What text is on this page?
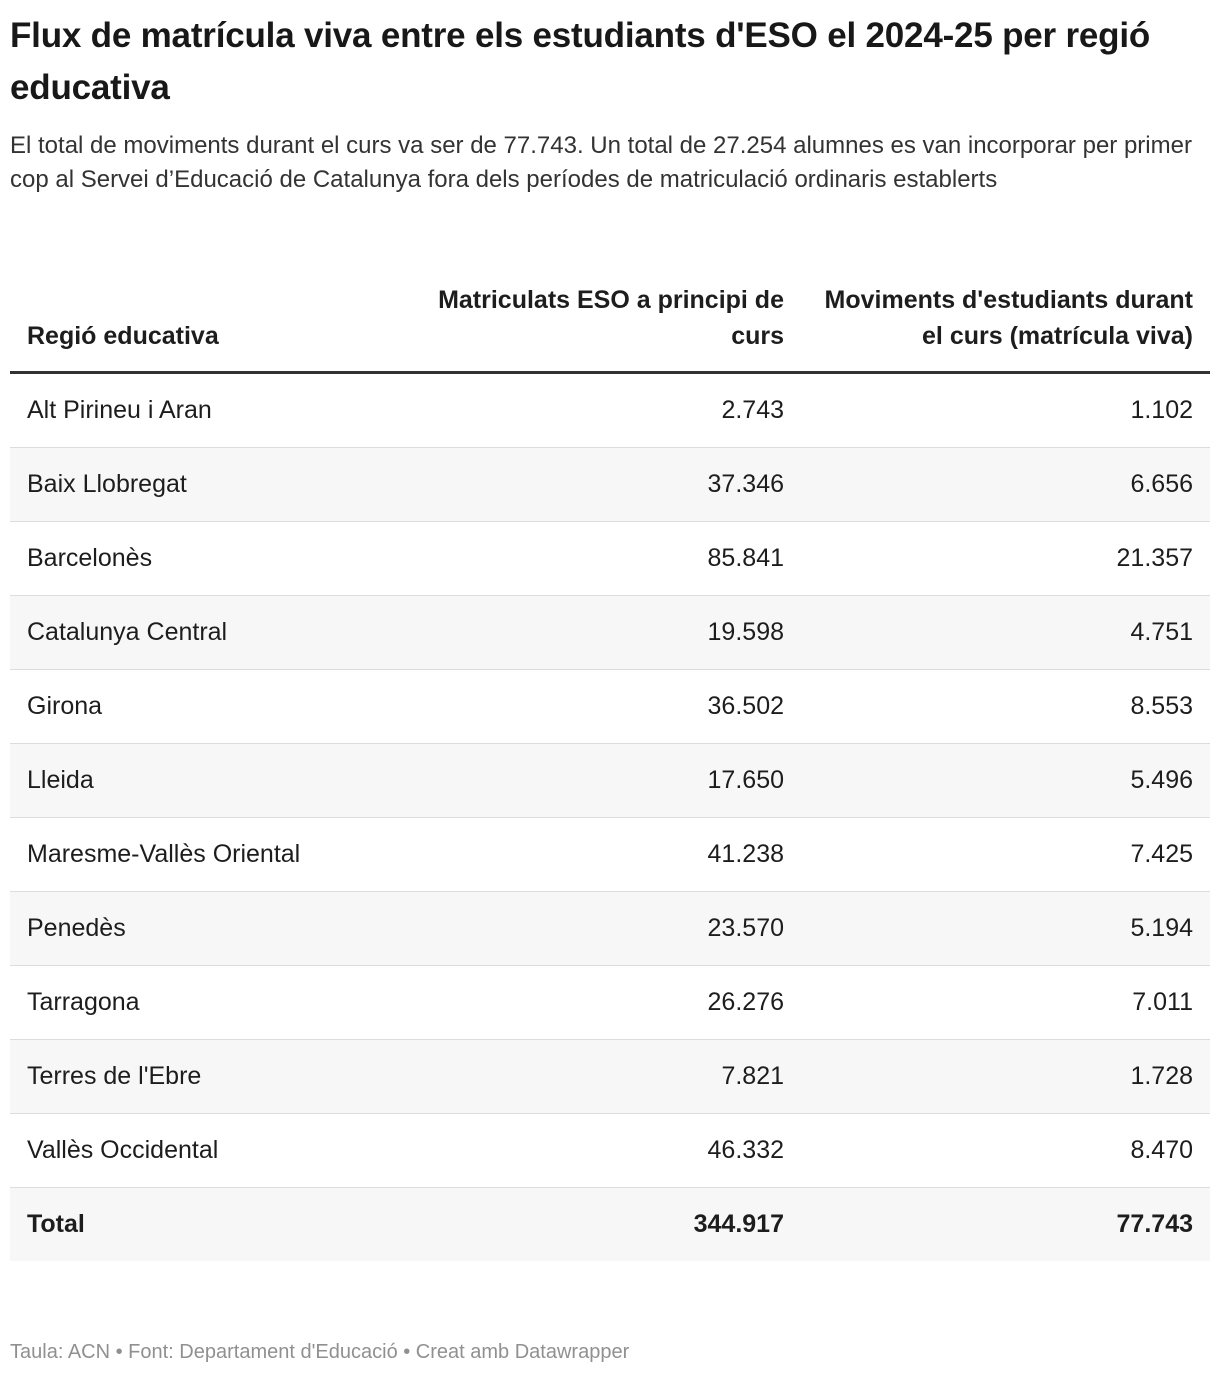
Flux de matrícula viva entre els estudiants d'ESO el 2024-25 per regió educativa

El total de moviments durant el curs va ser de 77.743. Un total de 27.254 alumnes es van incorporar per primer cop al Servei d’Educació de Catalunya fora dels períodes de matriculació ordinaris establerts

Regió educativa	Matriculats ESO a principi de curs	Moviments d'estudiants durant el curs (matrícula viva)
Alt Pirineu i Aran	2.743	1.102
Baix Llobregat	37.346	6.656
Barcelonès	85.841	21.357
Catalunya Central	19.598	4.751
Girona	36.502	8.553
Lleida	17.650	5.496
Maresme-Vallès Oriental	41.238	7.425
Penedès	23.570	5.194
Tarragona	26.276	7.011
Terres de l'Ebre	7.821	1.728
Vallès Occidental	46.332	8.470
Total	344.917	77.743
Taula: ACN • Font: Departament d'Educació • Creat amb Datawrapper
